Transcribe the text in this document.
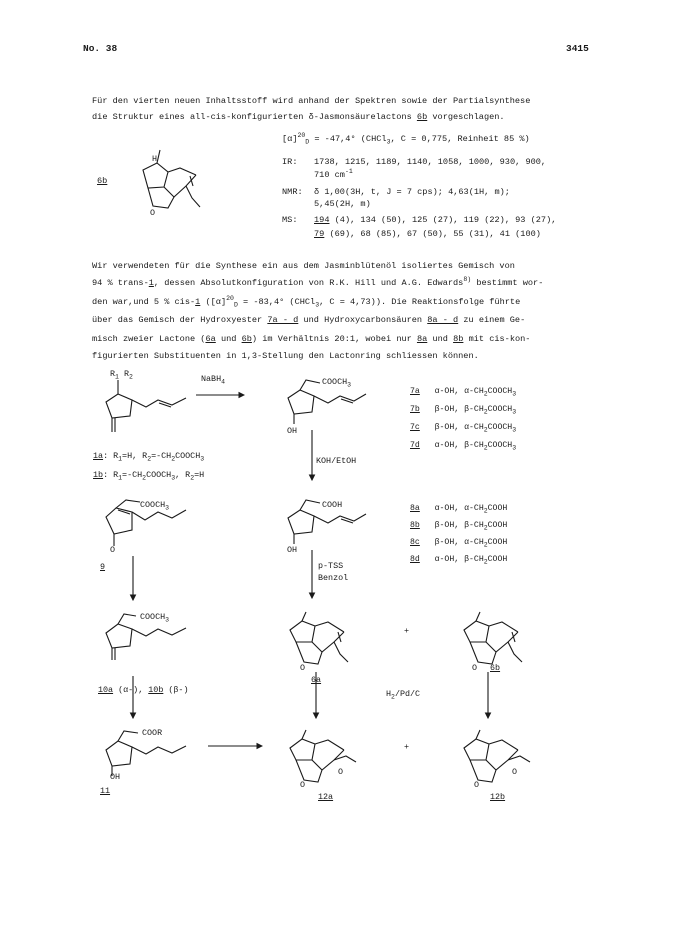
No. 38	3415
Für den vierten neuen Inhaltsstoff wird anhand der Spektren sowie der Partialsynthese
die Struktur eines all-cis-konfigurierten δ-Jasmonsäurelactons 6b vorgeschlagen.
6b
$[\alpha]^{20}_D = -47,4^\circ$ (CHCl$_3$, C = 0,775, Reinheit 85 %)
IR: 1738, 1215, 1189, 1140, 1058, 1000, 930, 900,
710 $cm^{-1}$
NMR: δ 1,00(3H, t, J = 7 cps); 4,63(1H, m);
5,45(2H, m)
MS: 194 (4), 134 (50), 125 (27), 119 (22), 93 (27),
79 (69), 68 (85), 67 (50), 55 (31), 41 (100)
Wir verwendeten für die Synthese ein aus dem Jasminblütenöl isoliertes Gemisch von
94 % trans-1, dessen Absolutkonfiguration von R.K. Hill und A.G. Edwards$^{8)}$ bestimmt wor-
den war,und 5 % cis-1 ($[\alpha]^{20}_D = -83,4^\circ$ (CHCl$_3$, C = 4,73)). Die Reaktionsfolge führte
über das Gemisch der Hydroxyester 7a - d und Hydroxycarbonsäuren 8a - d zu einem Ge-
misch zweier Lactone (6a und 6b) im Verhältnis 20:1, wobei nur 8a und 8b mit cis-kon-
figurierten Substituenten in 1,3-Stellung den Lactonring schliessen können.
H
O
$R_1$ $R_2$	NaBH$_4$	$COOCH_3$
OH
1a: $R_1=H$, $R_2=-CH_2COOCH_3$
1b: $R_1=-CH_2COOCH_3$, $R_2=H$
KOH/EtOH
7a α-OH, $\alpha-CH_2COOCH_3$
7b β-OH, $\beta-CH_2COOCH_3$
7c β-OH, $\alpha-CH_2COOCH_3$
7d α-OH, $\beta-CH_2COOCH_3$
8a α-OH, $\alpha-CH_2COOH$
8b β-OH, $\beta-CH_2COOH$
8c β-OH, $\alpha-CH_2COOH$
8d α-OH, $\beta-CH_2COOH$
$COOCH_3$
O
9
COOH
OH
p-TSS
Benzol
$COOCH_3$
10a (α-), 10b (β-)
O
6a
+
O 6b
$H_2/Pd/C$
COOR
OH
11
O
O
12a
+
O
O
12b
